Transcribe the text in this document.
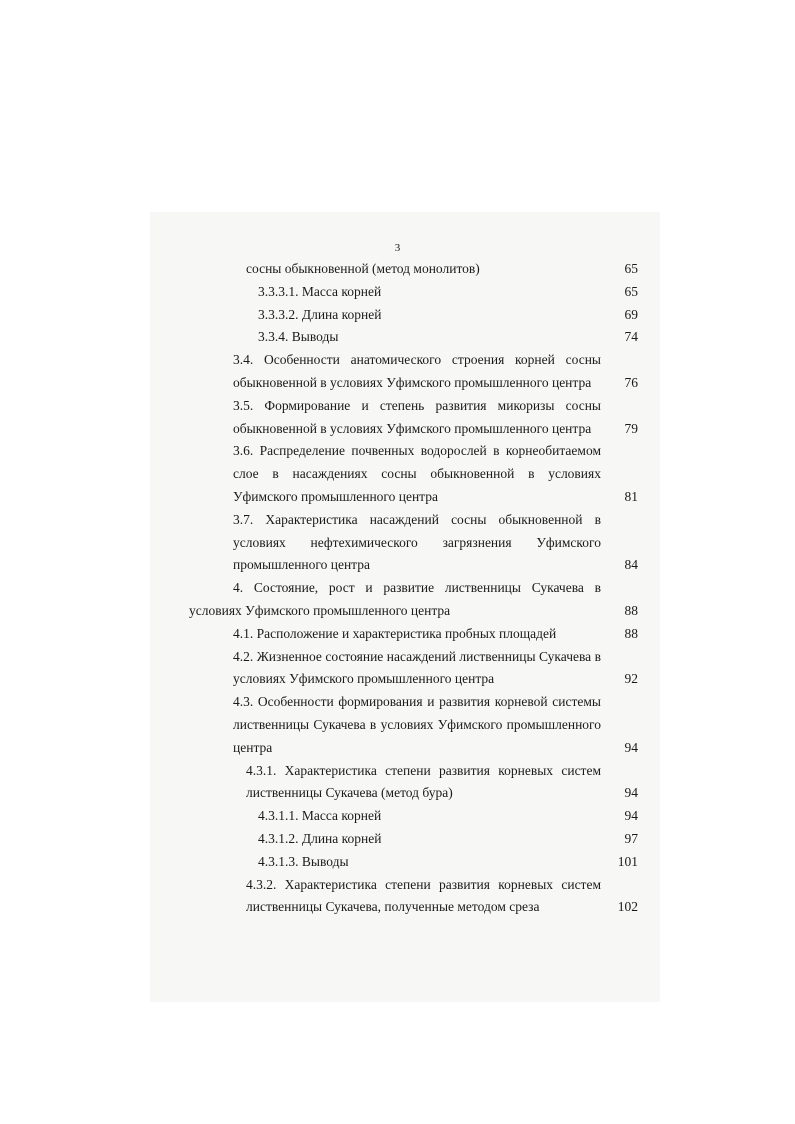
3
сосны обыкновенной (метод монолитов)	65
3.3.3.1. Масса корней	65
3.3.3.2. Длина корней	69
3.3.4. Выводы	74
3.4. Особенности анатомического строения корней сосны обыкновенной в условиях Уфимского промышленного центра	76
3.5. Формирование и степень развития микоризы сосны обыкновенной в условиях Уфимского промышленного центра	79
3.6. Распределение почвенных водорослей в корнеобитаемом слое в насаждениях сосны обыкновенной в условиях Уфимского промышленного центра	81
3.7. Характеристика насаждений сосны обыкновенной в условиях нефтехимического загрязнения Уфимского промышленного центра	84
4. Состояние, рост и развитие лиственницы Сукачева в условиях Уфимского промышленного центра	88
4.1. Расположение и характеристика пробных площадей	88
4.2. Жизненное состояние насаждений лиственницы Сукачева в условиях Уфимского промышленного центра	92
4.3. Особенности формирования и развития корневой системы лиственницы Сукачева в условиях Уфимского промышленного центра	94
4.3.1. Характеристика степени развития корневых систем лиственницы Сукачева (метод бура)	94
4.3.1.1. Масса корней	94
4.3.1.2. Длина корней	97
4.3.1.3. Выводы	101
4.3.2. Характеристика степени развития корневых систем лиственницы Сукачева, полученные методом среза	102
